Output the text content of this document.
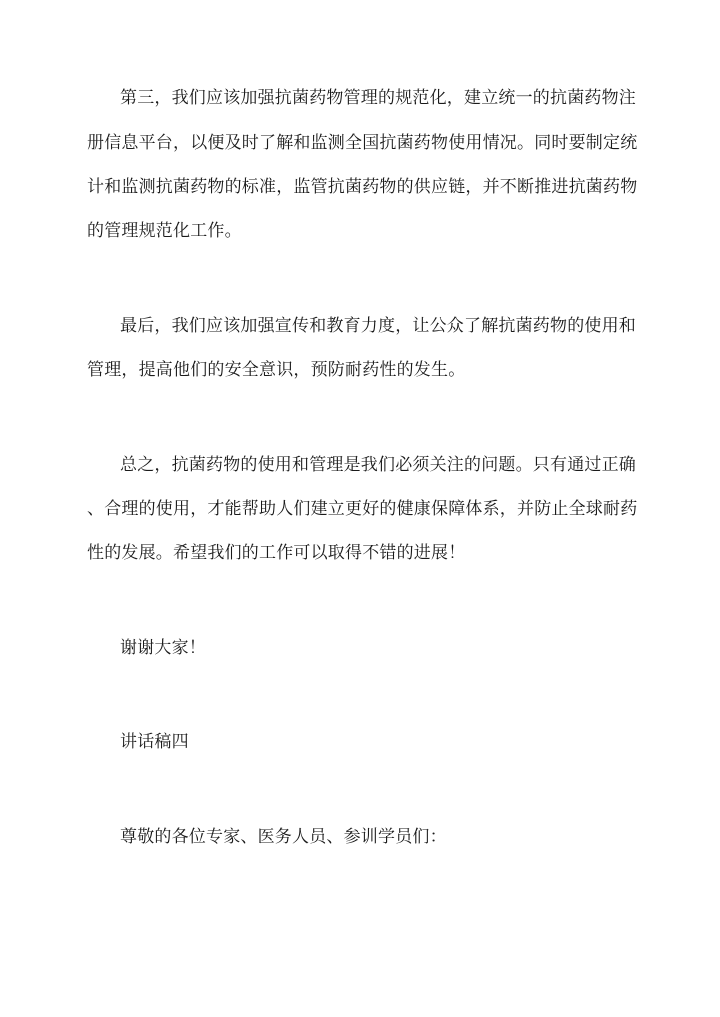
第三，我们应该加强抗菌药物管理的规范化，建立统一的抗菌药物注
册信息平台，以便及时了解和监测全国抗菌药物使用情况。同时要制定统
计和监测抗菌药物的标准，监管抗菌药物的供应链，并不断推进抗菌药物
的管理规范化工作。
最后，我们应该加强宣传和教育力度，让公众了解抗菌药物的使用和
管理，提高他们的安全意识，预防耐药性的发生。
总之，抗菌药物的使用和管理是我们必须关注的问题。只有通过正确
、合理的使用，才能帮助人们建立更好的健康保障体系，并防止全球耐药
性的发展。希望我们的工作可以取得不错的进展！
谢谢大家！
讲话稿四
尊敬的各位专家、医务人员、参训学员们：
